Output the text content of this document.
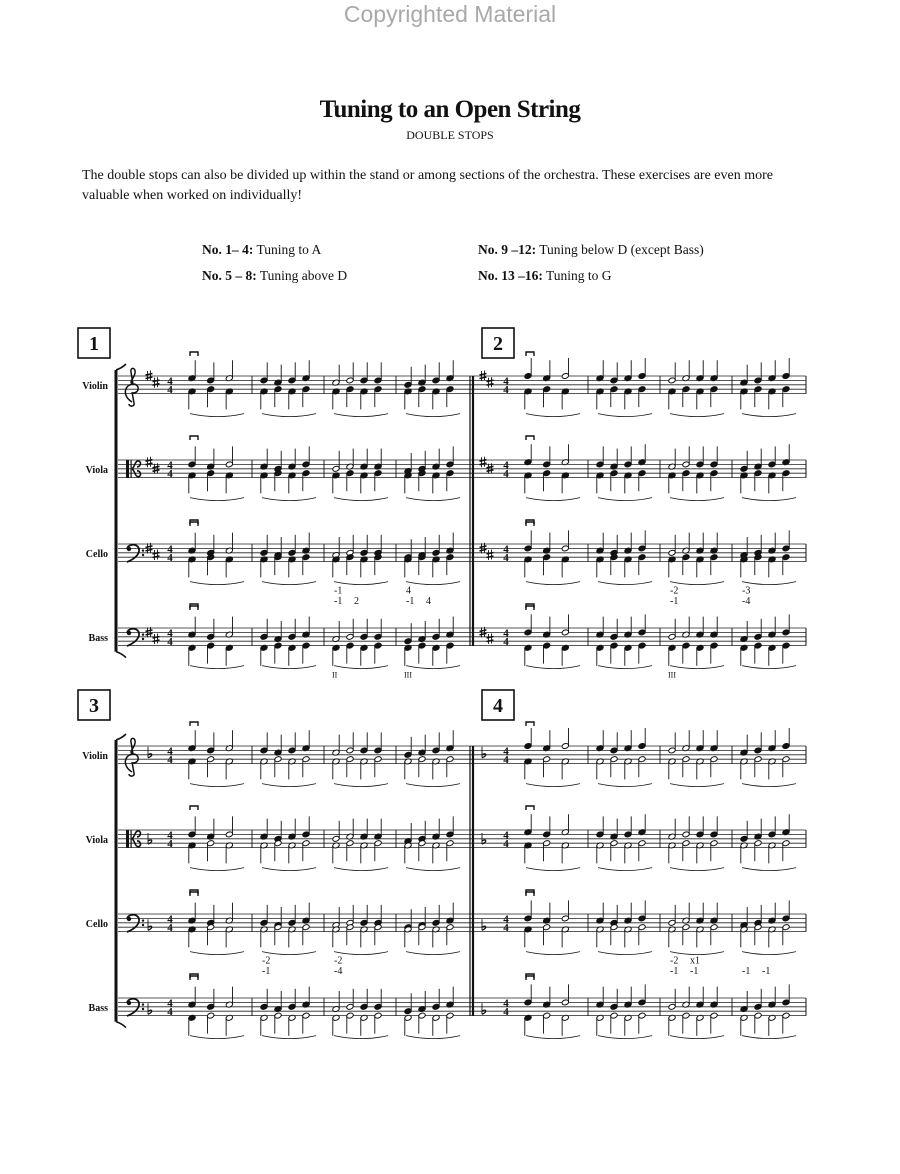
Copyrighted Material
Tuning to an Open String
DOUBLE STOPS

The double stops can also be divided up within the stand or among sections of the orchestra. These exercises are even more valuable when worked on individually!

No. 1– 4: Tuning to A
No. 5 – 8: Tuning above D
No. 9 –12: Tuning below D (except Bass)
No. 13 –16: Tuning to G
Violin
Viola
Cello
Bass
1
4
4
4
4
4
4
4
4
-1	4
-1 2	-1 4
II	III
2
4
4
4
4
4
4
4
4
-2	-3
-1	-4
III
Violin
Viola
Cello
Bass
3
4
4
4
4
4
4
4
4
-2	-2
-1	-4
4
4
4
4
4
4
4
4
4
-2 x1
-1 -1	-1 -1
